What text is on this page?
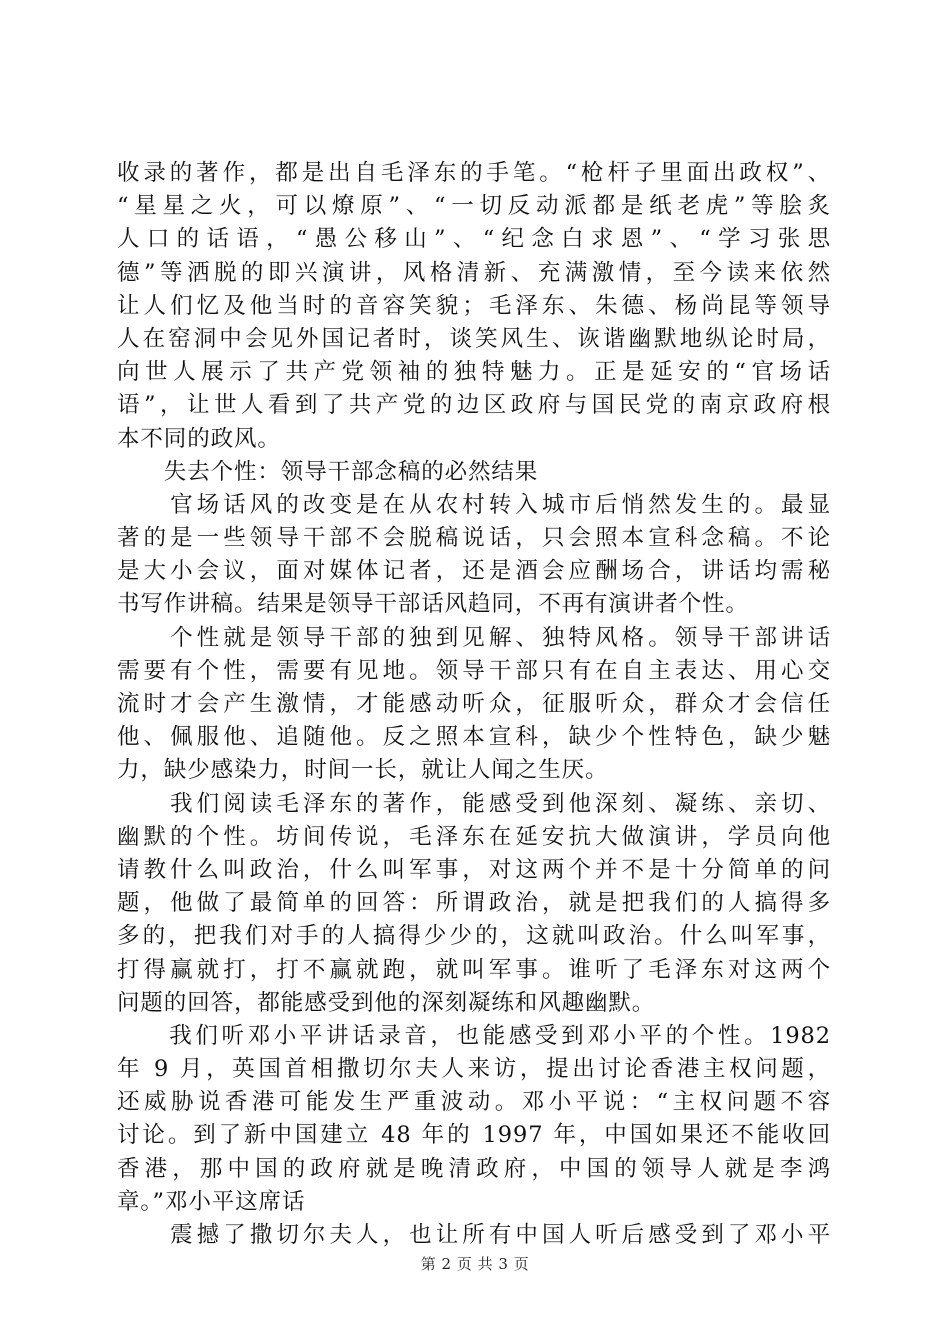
收录的著作，都是出自毛泽东的手笔。“枪杆子里面出政权”、
“星星之火，可以燎原”、“一切反动派都是纸老虎”等脍炙
人口的话语，“愚公移山”、“纪念白求恩”、“学习张思
德”等洒脱的即兴演讲，风格清新、充满激情，至今读来依然
让人们忆及他当时的音容笑貌；毛泽东、朱德、杨尚昆等领导
人在窑洞中会见外国记者时，谈笑风生、诙谐幽默地纵论时局，
向世人展示了共产党领袖的独特魅力。正是延安的“官场话
语”，让世人看到了共产党的边区政府与国民党的南京政府根
本不同的政风。
　　失去个性：领导干部念稿的必然结果
　　官场话风的改变是在从农村转入城市后悄然发生的。最显
著的是一些领导干部不会脱稿说话，只会照本宣科念稿。不论
是大小会议，面对媒体记者，还是酒会应酬场合，讲话均需秘
书写作讲稿。结果是领导干部话风趋同，不再有演讲者个性。
　　个性就是领导干部的独到见解、独特风格。领导干部讲话
需要有个性，需要有见地。领导干部只有在自主表达、用心交
流时才会产生激情，才能感动听众，征服听众，群众才会信任
他、佩服他、追随他。反之照本宣科，缺少个性特色，缺少魅
力，缺少感染力，时间一长，就让人闻之生厌。
　　我们阅读毛泽东的著作，能感受到他深刻、凝练、亲切、
幽默的个性。坊间传说，毛泽东在延安抗大做演讲，学员向他
请教什么叫政治，什么叫军事，对这两个并不是十分简单的问
题，他做了最简单的回答：所谓政治，就是把我们的人搞得多
多的，把我们对手的人搞得少少的，这就叫政治。什么叫军事，
打得赢就打，打不赢就跑，就叫军事。谁听了毛泽东对这两个
问题的回答，都能感受到他的深刻凝练和风趣幽默。
　　我们听邓小平讲话录音，也能感受到邓小平的个性。1982
年 9 月，英国首相撒切尔夫人来访，提出讨论香港主权问题，
还威胁说香港可能发生严重波动。邓小平说：“主权问题不容
讨论。到了新中国建立 48 年的 1997 年，中国如果还不能收回
香港，那中国的政府就是晚清政府，中国的领导人就是李鸿
章。”邓小平这席话
　　震撼了撒切尔夫人，也让所有中国人听后感受到了邓小平
第 2 页 共 3 页
